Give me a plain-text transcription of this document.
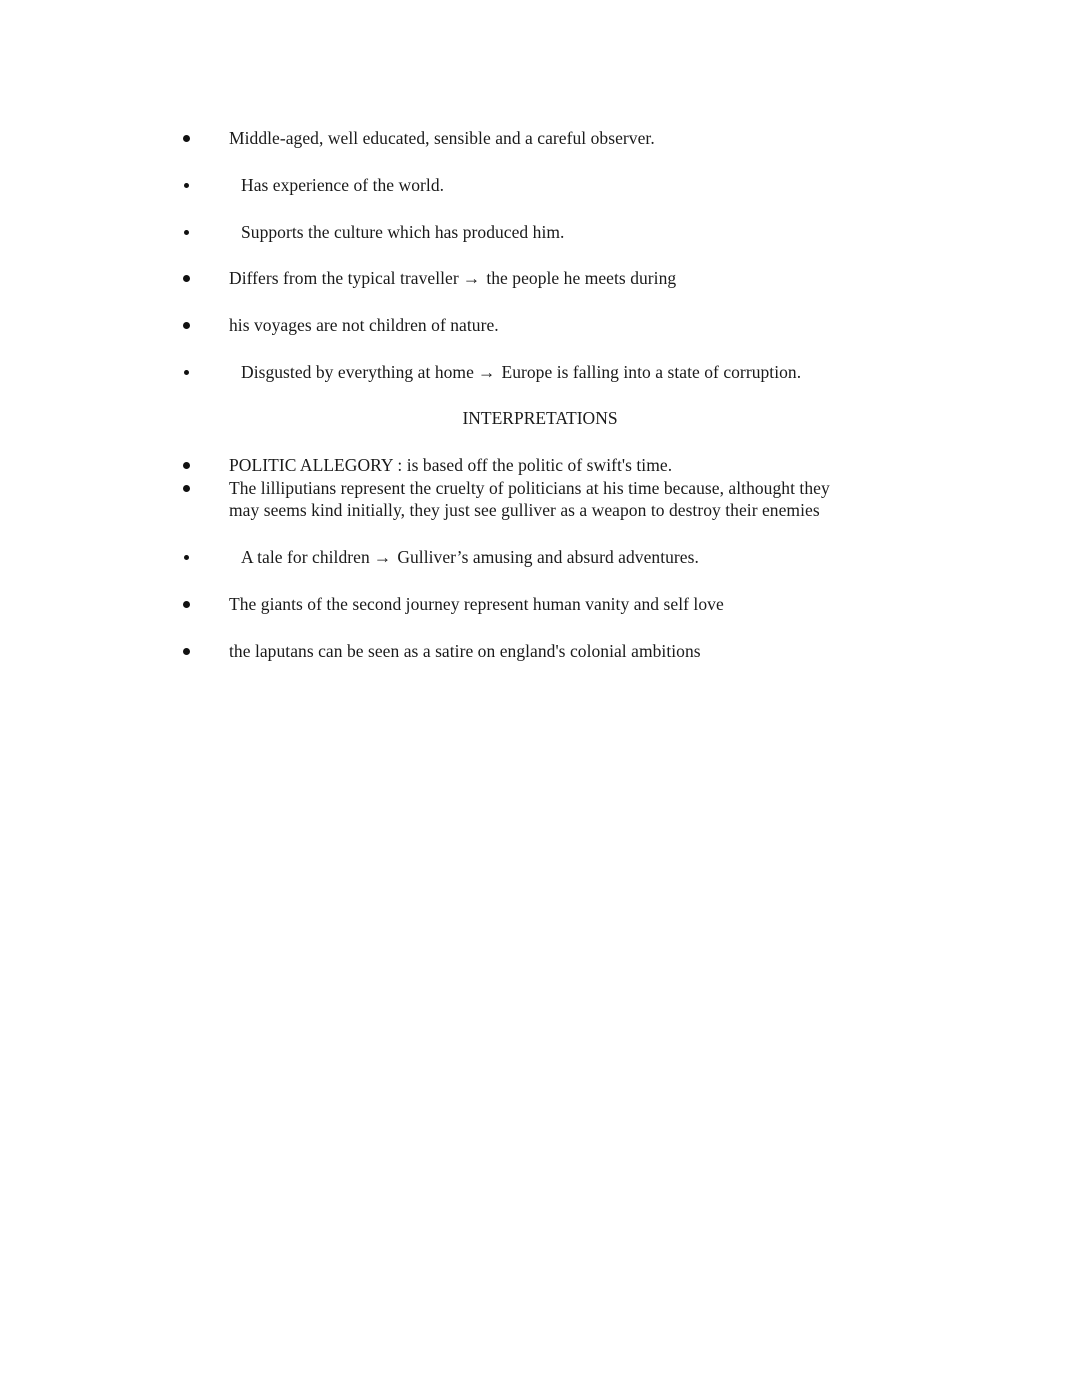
Middle-aged, well educated, sensible and a careful observer.
Has experience of the world.
Supports the culture which has produced him.
Differs from the typical traveller → the people he meets during
his voyages are not children of nature.
Disgusted by everything at home → Europe is falling into a state of corruption.
INTERPRETATIONS
POLITIC ALLEGORY : is based off the politic of swift's time.
The lilliputians represent the cruelty of politicians at his time because, althought they
may seems kind initially, they just see gulliver as a weapon to destroy their enemies
A tale for children → Gulliver’s amusing and absurd adventures.
The giants of the second journey represent human vanity and self love
the laputans can be seen as a satire on england's colonial ambitions
